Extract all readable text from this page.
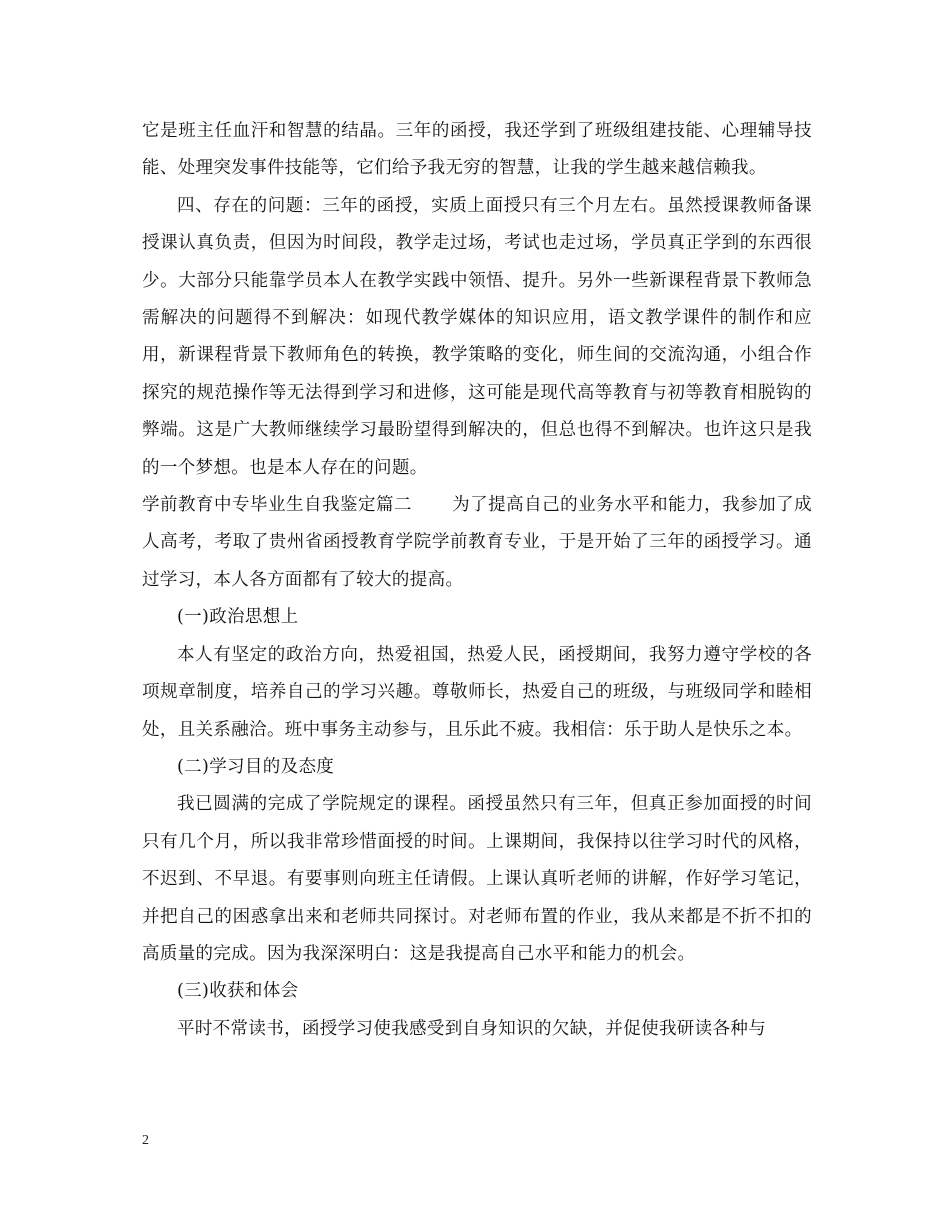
它是班主任血汗和智慧的结晶。三年的函授，我还学到了班级组建技能、心理辅导技能、处理突发事件技能等，它们给予我无穷的智慧，让我的学生越来越信赖我。

四、存在的问题：三年的函授，实质上面授只有三个月左右。虽然授课教师备课授课认真负责，但因为时间段，教学走过场，考试也走过场，学员真正学到的东西很少。大部分只能靠学员本人在教学实践中领悟、提升。另外一些新课程背景下教师急需解决的问题得不到解决：如现代教学媒体的知识应用，语文教学课件的制作和应用，新课程背景下教师角色的转换，教学策略的变化，师生间的交流沟通，小组合作探究的规范操作等无法得到学习和进修，这可能是现代高等教育与初等教育相脱钩的弊端。这是广大教师继续学习最盼望得到解决的，但总也得不到解决。也许这只是我的一个梦想。也是本人存在的问题。

学前教育中专毕业生自我鉴定篇二 为了提高自己的业务水平和能力，我参加了成人高考，考取了贵州省函授教育学院学前教育专业，于是开始了三年的函授学习。通过学习，本人各方面都有了较大的提高。

(一)政治思想上

本人有坚定的政治方向，热爱祖国，热爱人民，函授期间，我努力遵守学校的各项规章制度，培养自己的学习兴趣。尊敬师长，热爱自己的班级，与班级同学和睦相处，且关系融洽。班中事务主动参与，且乐此不疲。我相信：乐于助人是快乐之本。

(二)学习目的及态度

我已圆满的完成了学院规定的课程。函授虽然只有三年，但真正参加面授的时间只有几个月，所以我非常珍惜面授的时间。上课期间，我保持以往学习时代的风格，不迟到、不早退。有要事则向班主任请假。上课认真听老师的讲解，作好学习笔记，并把自己的困惑拿出来和老师共同探讨。对老师布置的作业，我从来都是不折不扣的高质量的完成。因为我深深明白：这是我提高自己水平和能力的机会。

(三)收获和体会

平时不常读书，函授学习使我感受到自身知识的欠缺，并促使我研读各种与

2
